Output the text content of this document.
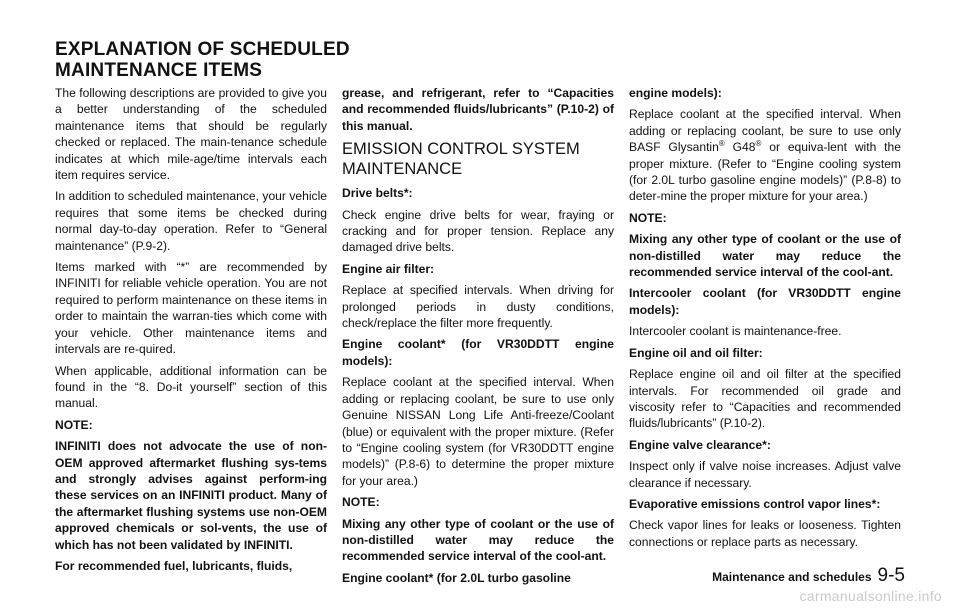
EXPLANATION OF SCHEDULED
MAINTENANCE ITEMS

The following descriptions are provided to give you a better understanding of the scheduled maintenance items that should be regularly checked or replaced. The main-tenance schedule indicates at which mile-age/time intervals each item requires service.

In addition to scheduled maintenance, your vehicle requires that some items be checked during normal day-to-day operation. Refer to “General maintenance” (P.9-2).

Items marked with “*” are recommended by INFINITI for reliable vehicle operation. You are not required to perform maintenance on these items in order to maintain the warran-ties which come with your vehicle. Other maintenance items and intervals are re-quired.

When applicable, additional information can be found in the “8. Do-it yourself” section of this manual.

NOTE:

INFINITI does not advocate the use of non-OEM approved aftermarket flushing sys-tems and strongly advises against perform-ing these services on an INFINITI product. Many of the aftermarket flushing systems use non-OEM approved chemicals or sol-vents, the use of which has not been validated by INFINITI.

For recommended fuel, lubricants, fluids,

grease, and refrigerant, refer to “Capacities and recommended fluids/lubricants” (P.10-2) of this manual.

EMISSION CONTROL SYSTEM MAINTENANCE

Drive belts*:

Check engine drive belts for wear, fraying or cracking and for proper tension. Replace any damaged drive belts.

Engine air filter:

Replace at specified intervals. When driving for prolonged periods in dusty conditions, check/replace the filter more frequently.

Engine coolant* (for VR30DDTT engine models):

Replace coolant at the specified interval. When adding or replacing coolant, be sure to use only Genuine NISSAN Long Life Anti-freeze/Coolant (blue) or equivalent with the proper mixture. (Refer to “Engine cooling system (for VR30DDTT engine models)” (P.8-6) to determine the proper mixture for your area.)

NOTE:

Mixing any other type of coolant or the use of non-distilled water may reduce the recommended service interval of the cool-ant.

Engine coolant* (for 2.0L turbo gasoline

engine models):

Replace coolant at the specified interval. When adding or replacing coolant, be sure to use only BASF Glysantin® G48® or equiva-lent with the proper mixture. (Refer to “Engine cooling system (for 2.0L turbo gasoline engine models)” (P.8-8) to deter-mine the proper mixture for your area.)

NOTE:

Mixing any other type of coolant or the use of non-distilled water may reduce the recommended service interval of the cool-ant.

Intercooler coolant (for VR30DDTT engine models):

Intercooler coolant is maintenance-free.

Engine oil and oil filter:

Replace engine oil and oil filter at the specified intervals. For recommended oil grade and viscosity refer to “Capacities and recommended fluids/lubricants” (P.10-2).

Engine valve clearance*:

Inspect only if valve noise increases. Adjust valve clearance if necessary.

Evaporative emissions control vapor lines*:

Check vapor lines for leaks or looseness. Tighten connections or replace parts as necessary.

Maintenance and schedules 9-5
carmanualsonline.info
